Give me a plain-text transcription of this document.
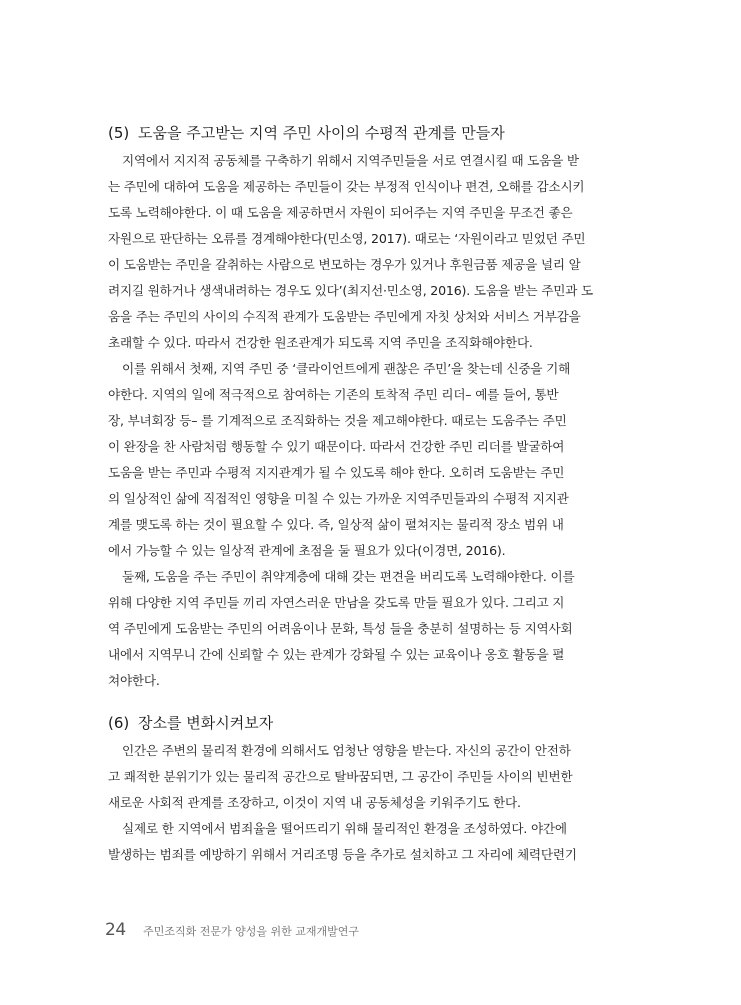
(5) 도움을 주고받는 지역 주민 사이의 수평적 관계를 만들자
지역에서 지지적 공동체를 구축하기 위해서 지역주민들을 서로 연결시킬 때 도움을 받
는 주민에 대하여 도움을 제공하는 주민들이 갖는 부정적 인식이나 편견, 오해를 감소시키
도록 노력해야한다. 이 때 도움을 제공하면서 자원이 되어주는 지역 주민을 무조건 좋은
자원으로 판단하는 오류를 경계해야한다(민소영, 2017). 때로는 ‘자원이라고 믿었던 주민
이 도움받는 주민을 갈취하는 사람으로 변모하는 경우가 있거나 후원금품 제공을 널리 알
려지길 원하거나 생색내려하는 경우도 있다’(최지선·민소영, 2016). 도움을 받는 주민과 도
움을 주는 주민의 사이의 수직적 관계가 도움받는 주민에게 자칫 상처와 서비스 거부감을
초래할 수 있다. 따라서 건강한 원조관계가 되도록 지역 주민을 조직화해야한다.
이를 위해서 첫째, 지역 주민 중 ‘클라이언트에게 괜찮은 주민’을 찾는데 신중을 기해
야한다. 지역의 일에 적극적으로 참여하는 기존의 토착적 주민 리더– 예를 들어, 통반
장, 부녀회장 등– 를 기계적으로 조직화하는 것을 제고해야한다. 때로는 도움주는 주민
이 완장을 찬 사람처럼 행동할 수 있기 때문이다. 따라서 건강한 주민 리더를 발굴하여
도움을 받는 주민과 수평적 지지관계가 될 수 있도록 해야 한다. 오히려 도움받는 주민
의 일상적인 삶에 직접적인 영향을 미칠 수 있는 가까운 지역주민들과의 수평적 지지관
계를 맺도록 하는 것이 필요할 수 있다. 즉, 일상적 삶이 펼쳐지는 물리적 장소 범위 내
에서 가능할 수 있는 일상적 관계에 초점을 둘 필요가 있다(이경면, 2016).
둘째, 도움을 주는 주민이 취약계층에 대해 갖는 편견을 버리도록 노력해야한다. 이를
위해 다양한 지역 주민들 끼리 자연스러운 만남을 갖도록 만들 필요가 있다. 그리고 지
역 주민에게 도움받는 주민의 어려움이나 문화, 특성 들을 충분히 설명하는 등 지역사회
내에서 지역무니 간에 신뢰할 수 있는 관계가 강화될 수 있는 교육이나 옹호 활동을 펼
쳐야한다.
(6) 장소를 변화시켜보자
인간은 주변의 물리적 환경에 의해서도 엄청난 영향을 받는다. 자신의 공간이 안전하
고 쾌적한 분위기가 있는 물리적 공간으로 탈바꿈되면, 그 공간이 주민들 사이의 빈번한
새로운 사회적 관계를 조장하고, 이것이 지역 내 공동체성을 키워주기도 한다.
실제로 한 지역에서 범죄율을 떨어뜨리기 위해 물리적인 환경을 조성하였다. 야간에
발생하는 범죄를 예방하기 위해서 거리조명 등을 추가로 설치하고 그 자리에 체력단련기
24 주민조직화 전문가 양성을 위한 교재개발연구
